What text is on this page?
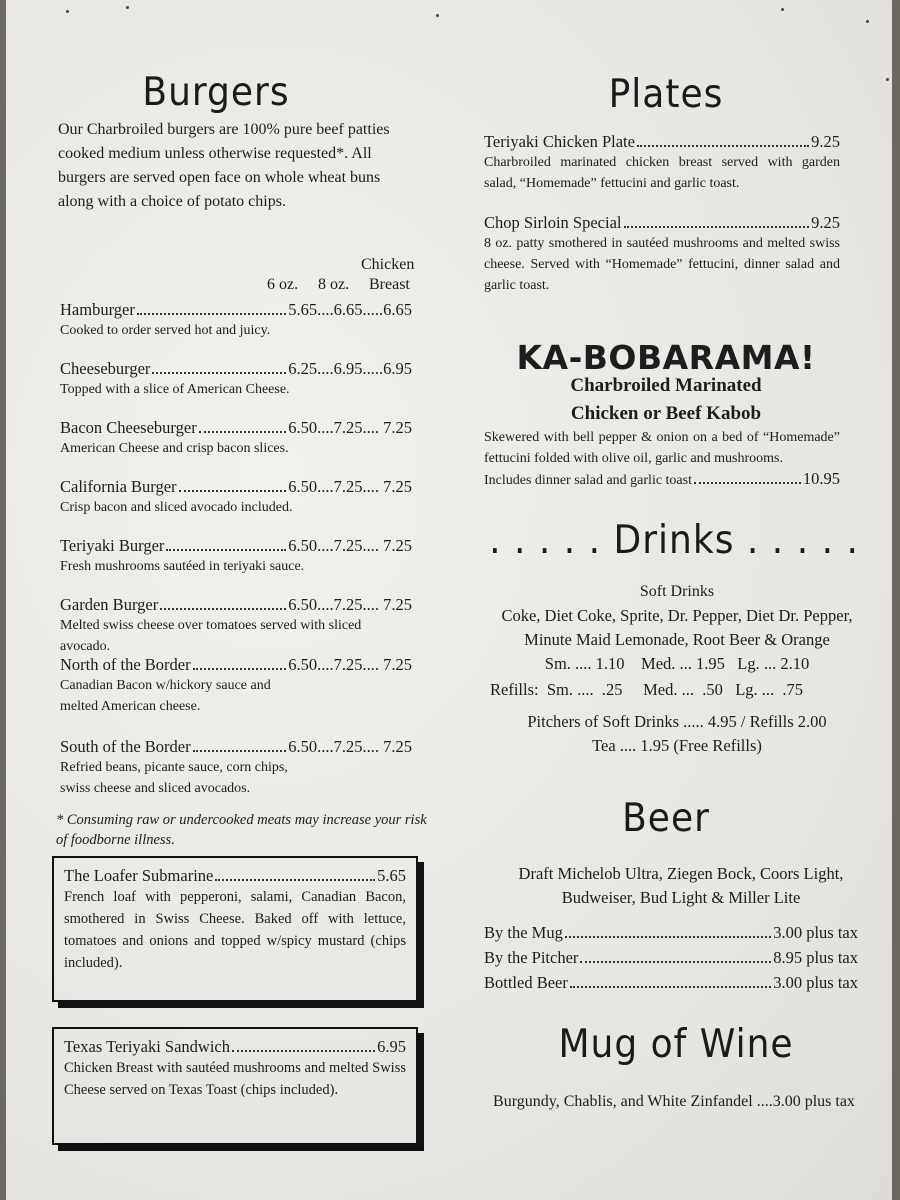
Burgers

Our Charbroiled burgers are 100% pure beef patties cooked medium unless otherwise requested*. All burgers are served open face on whole wheat buns along with a choice of potato chips.

6 oz. 8 oz.
Chicken
Breast
Hamburger	5.65....6.65.....6.65
Cooked to order served hot and juicy.
Cheeseburger	6.25....6.95.....6.95
Topped with a slice of American Cheese.
Bacon Cheeseburger	6.50....7.25.... 7.25
American Cheese and crisp bacon slices.
California Burger	6.50....7.25.... 7.25
Crisp bacon and sliced avocado included.
Teriyaki Burger	6.50....7.25.... 7.25
Fresh mushrooms sautéed in teriyaki sauce.
Garden Burger	6.50....7.25.... 7.25
Melted swiss cheese over tomatoes served with sliced avocado.
North of the Border	6.50....7.25.... 7.25
Canadian Bacon w/hickory sauce and melted American cheese.
South of the Border	6.50....7.25.... 7.25
Refried beans, picante sauce, corn chips, swiss cheese and sliced avocados.
* Consuming raw or undercooked meats may increase your risk of foodborne illness.
The Loafer Submarine	5.65
French loaf with pepperoni, salami, Canadian Bacon, smothered in Swiss Cheese. Baked off with lettuce, tomatoes and onions and topped w/spicy mustard (chips included).
Texas Teriyaki Sandwich	6.95
Chicken Breast with sautéed mushrooms and melted Swiss Cheese served on Texas Toast (chips included).
Plates
Teriyaki Chicken Plate	9.25
Charbroiled marinated chicken breast served with garden salad, “Homemade” fettucini and garlic toast.
Chop Sirloin Special	9.25
8 oz. patty smothered in sautéed mushrooms and melted swiss cheese. Served with “Homemade” fettucini, dinner salad and garlic toast.
KA-BOBARAMA!
Charbroiled Marinated
Chicken or Beef Kabob
Skewered with bell pepper & onion on a bed of “Homemade” fettucini folded with olive oil, garlic and mushrooms.
Includes dinner salad and garlic toast	10.95
. . . . . Drinks . . . . .
Soft Drinks
Coke, Diet Coke, Sprite, Dr. Pepper, Diet Dr. Pepper,
Minute Maid Lemonade, Root Beer & Orange
Sm. .... 1.10    Med. ... 1.95   Lg. ... 2.10
Refills:  Sm. ....  .25     Med. ...  .50   Lg. ...  .75
Pitchers of Soft Drinks ..... 4.95 / Refills 2.00
Tea .... 1.95 (Free Refills)
Beer
Draft Michelob Ultra, Ziegen Bock, Coors Light,
Budweiser, Bud Light & Miller Lite
By the Mug	3.00 plus tax
By the Pitcher	8.95 plus tax
Bottled Beer	3.00 plus tax
Mug of Wine
Burgundy, Chablis, and White Zinfandel ....3.00 plus tax
